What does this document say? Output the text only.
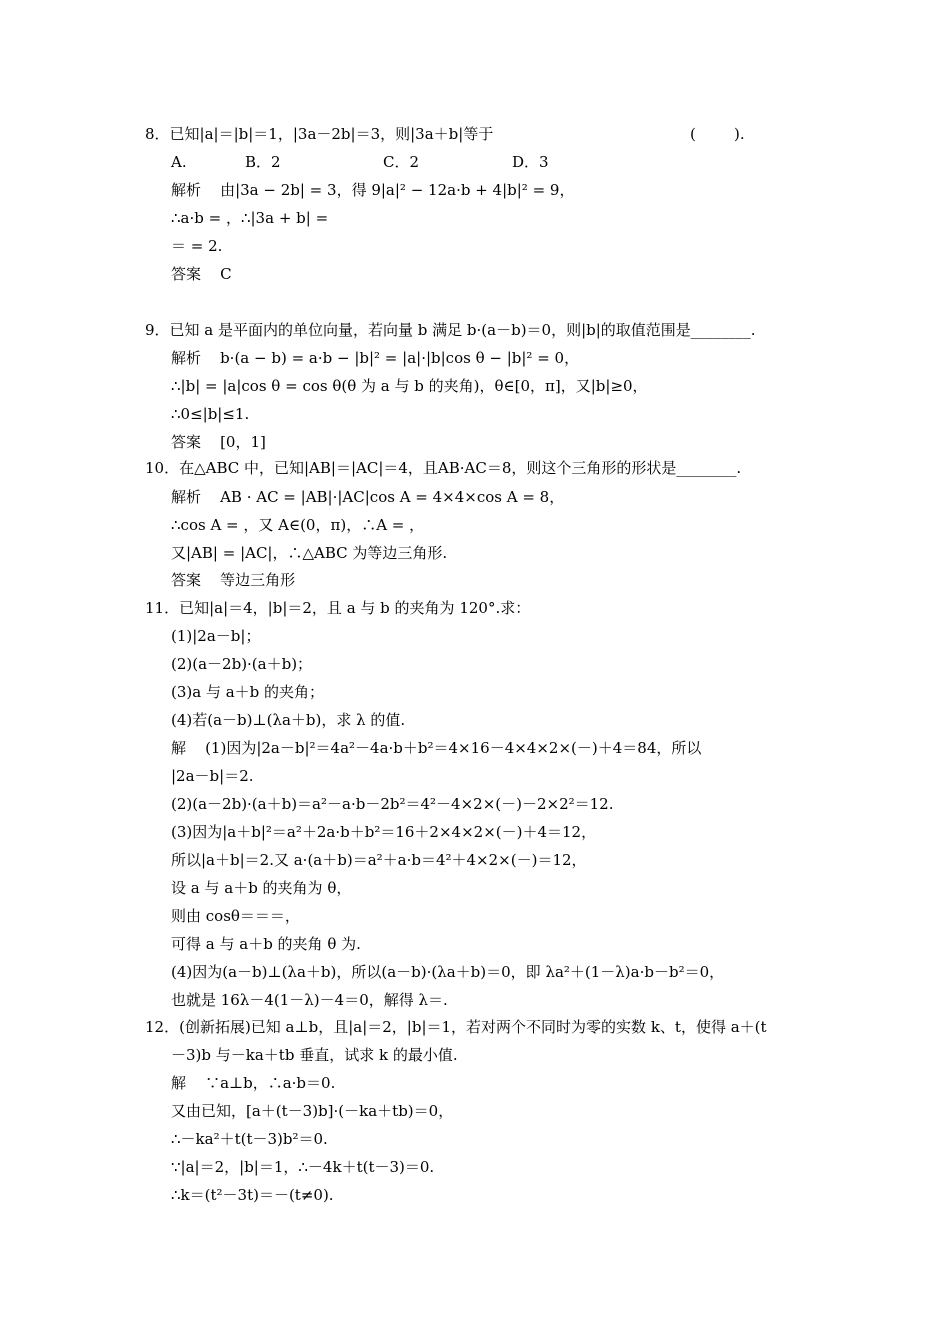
8．已知|a|＝|b|＝1，|3a－2b|＝3，则|3a＋b|等于	(        ).
A.	B．2	C．2	D．3
解析    由|3a − 2b| = 3，得 9|a|² − 12a·b + 4|b|² = 9，
∴a·b = ，∴|3a + b| =
＝ = 2.
答案    C
9．已知 a 是平面内的单位向量，若向量 b 满足 b·(a－b)＝0，则|b|的取值范围是________.
解析    b·(a − b) = a·b − |b|² = |a|·|b|cos θ − |b|² = 0，
∴|b| = |a|cos θ = cos θ(θ 为 a 与 b 的夹角)，θ∈[0，π]，又|b|≥0，
∴0≤|b|≤1.
答案    [0，1]
10．在△ABC 中，已知|AB|＝|AC|＝4，且AB·AC＝8，则这个三角形的形状是________.
解析    AB · AC = |AB|·|AC|cos A = 4×4×cos A = 8，
∴cos A = ，又 A∈(0，π)，∴A = ，
又|AB| = |AC|，∴△ABC 为等边三角形.
答案    等边三角形
11．已知|a|＝4，|b|＝2，且 a 与 b 的夹角为 120°.求：
(1)|2a－b|；
(2)(a－2b)·(a＋b)；
(3)a 与 a＋b 的夹角；
(4)若(a－b)⊥(λa＋b)，求 λ 的值.
解    (1)因为|2a－b|²＝4a²－4a·b＋b²＝4×16－4×4×2×(－)＋4＝84，所以
|2a－b|＝2.
(2)(a－2b)·(a＋b)＝a²－a·b－2b²＝4²－4×2×(－)－2×2²＝12.
(3)因为|a＋b|²＝a²＋2a·b＋b²＝16＋2×4×2×(－)＋4＝12，
所以|a＋b|＝2.又 a·(a＋b)＝a²＋a·b＝4²＋4×2×(－)＝12，
设 a 与 a＋b 的夹角为 θ，
则由 cosθ＝＝＝，
可得 a 与 a＋b 的夹角 θ 为.
(4)因为(a－b)⊥(λa＋b)，所以(a－b)·(λa＋b)＝0，即 λa²＋(1－λ)a·b－b²＝0，
也就是 16λ－4(1－λ)－4＝0，解得 λ＝.
12．(创新拓展)已知 a⊥b，且|a|＝2，|b|＝1，若对两个不同时为零的实数 k、t，使得 a＋(t
－3)b 与－ka＋tb 垂直，试求 k 的最小值.
解    ∵a⊥b，∴a·b＝0.
又由已知，[a＋(t－3)b]·(－ka＋tb)＝0，
∴－ka²＋t(t－3)b²＝0.
∵|a|＝2，|b|＝1，∴－4k＋t(t－3)＝0.
∴k＝(t²－3t)＝－(t≠0).
